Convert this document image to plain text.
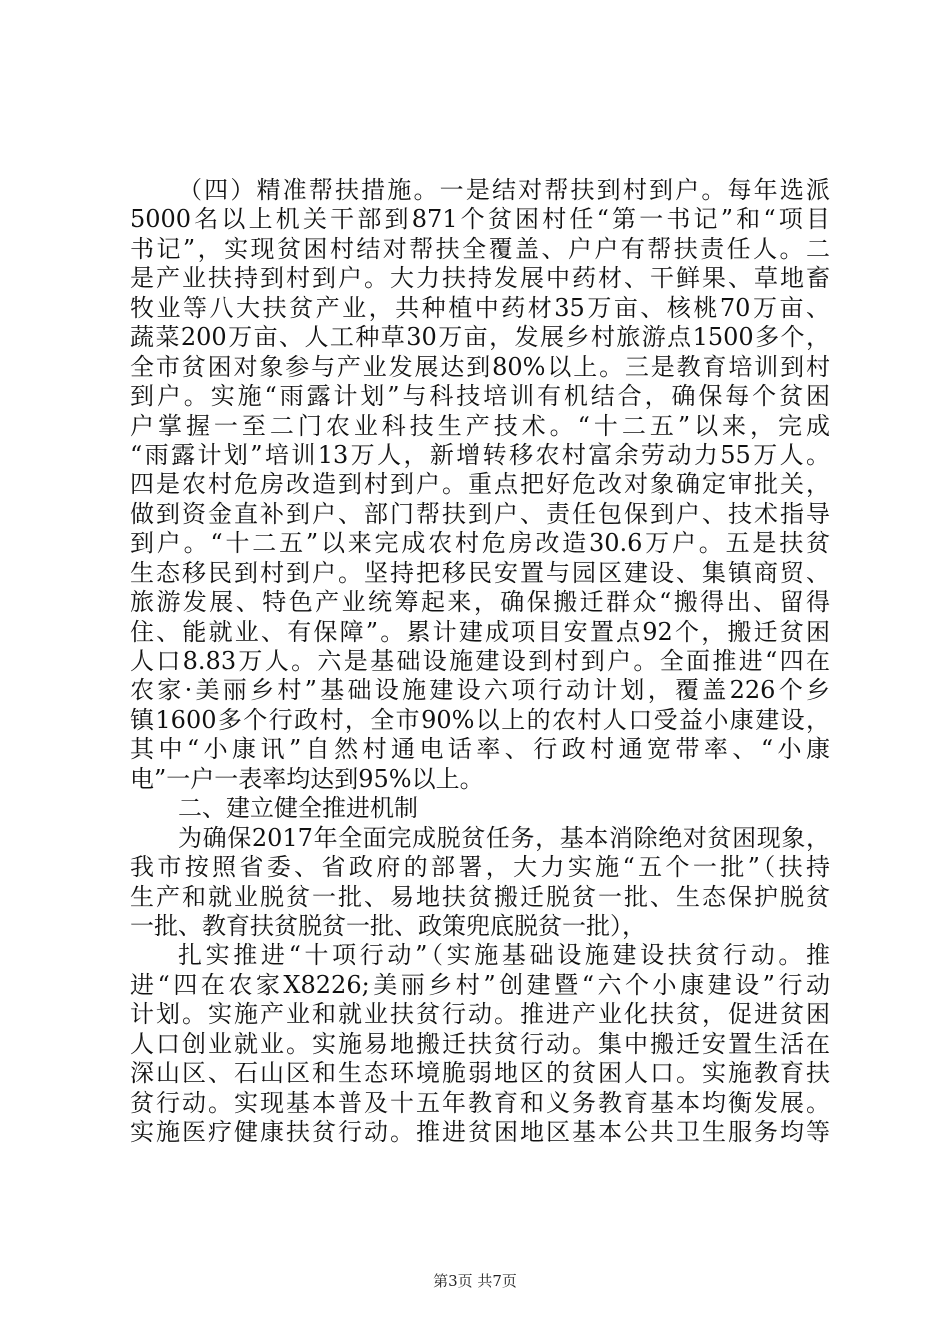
（四）精准帮扶措施。一是结对帮扶到村到户。每年选派
5000名以上机关干部到871个贫困村任“第一书记”和“项目
书记”，实现贫困村结对帮扶全覆盖、户户有帮扶责任人。二
是产业扶持到村到户。大力扶持发展中药材、干鲜果、草地畜
牧业等八大扶贫产业，共种植中药材35万亩、核桃70万亩、
蔬菜200万亩、人工种草30万亩，发展乡村旅游点1500多个，
全市贫困对象参与产业发展达到80%以上。三是教育培训到村
到户。实施“雨露计划”与科技培训有机结合，确保每个贫困
户掌握一至二门农业科技生产技术。“十二五”以来，完成
“雨露计划”培训13万人，新增转移农村富余劳动力55万人。
四是农村危房改造到村到户。重点把好危改对象确定审批关，
做到资金直补到户、部门帮扶到户、责任包保到户、技术指导
到户。“十二五”以来完成农村危房改造30.6万户。五是扶贫
生态移民到村到户。坚持把移民安置与园区建设、集镇商贸、
旅游发展、特色产业统筹起来，确保搬迁群众“搬得出、留得
住、能就业、有保障”。累计建成项目安置点92个，搬迁贫困
人口8.83万人。六是基础设施建设到村到户。全面推进“四在
农家·美丽乡村”基础设施建设六项行动计划，覆盖226个乡
镇1600多个行政村，全市90%以上的农村人口受益小康建设，
其中“小康讯”自然村通电话率、行政村通宽带率、“小康
电”一户一表率均达到95%以上。
二、建立健全推进机制
为确保2017年全面完成脱贫任务，基本消除绝对贫困现象，
我市按照省委、省政府的部署，大力实施“五个一批”（扶持
生产和就业脱贫一批、易地扶贫搬迁脱贫一批、生态保护脱贫
一批、教育扶贫脱贫一批、政策兜底脱贫一批），
扎实推进“十项行动”（实施基础设施建设扶贫行动。推
进“四在农家X8226;美丽乡村”创建暨“六个小康建设”行动
计划。实施产业和就业扶贫行动。推进产业化扶贫，促进贫困
人口创业就业。实施易地搬迁扶贫行动。集中搬迁安置生活在
深山区、石山区和生态环境脆弱地区的贫困人口。实施教育扶
贫行动。实现基本普及十五年教育和义务教育基本均衡发展。
实施医疗健康扶贫行动。推进贫困地区基本公共卫生服务均等
第3页 共7页
